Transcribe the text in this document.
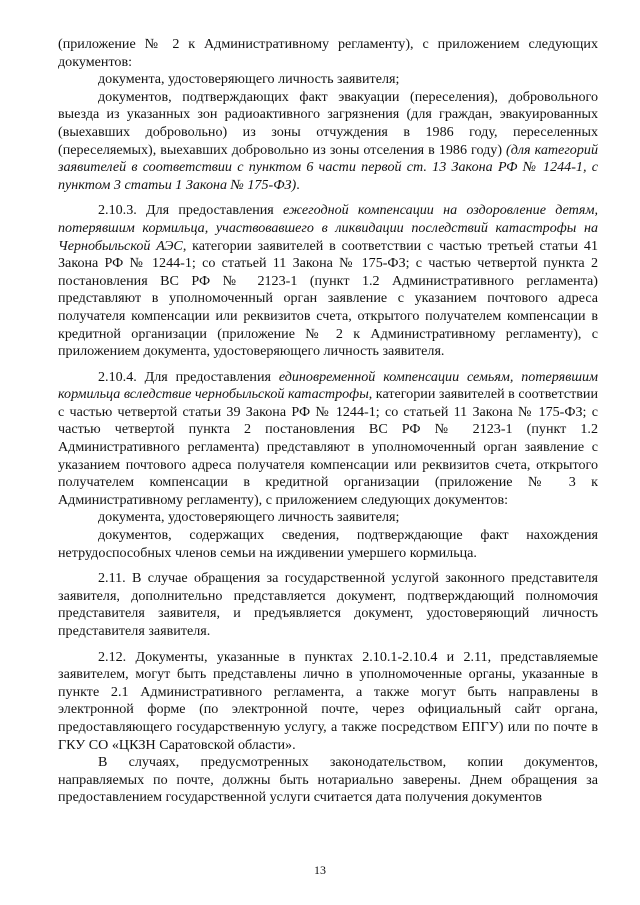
(приложение № 2 к Административному регламенту), с приложением следующих документов:

документа, удостоверяющего личность заявителя;

документов, подтверждающих факт эвакуации (переселения), добровольного выезда из указанных зон радиоактивного загрязнения (для граждан, эвакуированных (выехавших добровольно) из зоны отчуждения в 1986 году, переселенных (переселяемых), выехавших добровольно из зоны отселения в 1986 году) (для категорий заявителей в соответствии с пунктом 6 части первой ст. 13 Закона РФ № 1244-1, с пунктом 3 статьи 1 Закона № 175-ФЗ).

2.10.3. Для предоставления ежегодной компенсации на оздоровление детям, потерявшим кормильца, участвовавшего в ликвидации последствий катастрофы на Чернобыльской АЭС, категории заявителей в соответствии с частью третьей статьи 41 Закона РФ № 1244-1; со статьей 11 Закона № 175-ФЗ; с частью четвертой пункта 2 постановления ВС РФ № 2123-1 (пункт 1.2 Административного регламента) представляют в уполномоченный орган заявление с указанием почтового адреса получателя компенсации или реквизитов счета, открытого получателем компенсации в кредитной организации (приложение № 2 к Административному регламенту), с приложением документа, удостоверяющего личность заявителя.

2.10.4. Для предоставления единовременной компенсации семьям, потерявшим кормильца вследствие чернобыльской катастрофы, категории заявителей в соответствии с частью четвертой статьи 39 Закона РФ № 1244-1; со статьей 11 Закона № 175-ФЗ; с частью четвертой пункта 2 постановления ВС РФ № 2123-1 (пункт 1.2 Административного регламента) представляют в уполномоченный орган заявление с указанием почтового адреса получателя компенсации или реквизитов счета, открытого получателем компенсации в кредитной организации (приложение № 3 к Административному регламенту), с приложением следующих документов:

документа, удостоверяющего личность заявителя;

документов, содержащих сведения, подтверждающие факт нахождения нетрудоспособных членов семьи на иждивении умершего кормильца.

2.11. В случае обращения за государственной услугой законного представителя заявителя, дополнительно представляется документ, подтверждающий полномочия представителя заявителя, и предъявляется документ, удостоверяющий личность представителя заявителя.

2.12. Документы, указанные в пунктах 2.10.1-2.10.4 и 2.11, представляемые заявителем, могут быть представлены лично в уполномоченные органы, указанные в пункте 2.1 Административного регламента, а также могут быть направлены в электронной форме (по электронной почте, через официальный сайт органа, предоставляющего государственную услугу, а также посредством ЕПГУ) или по почте в ГКУ СО «ЦКЗН Саратовской области».

В случаях, предусмотренных законодательством, копии документов, направляемых по почте, должны быть нотариально заверены. Днем обращения за предоставлением государственной услуги считается дата получения документов

13
